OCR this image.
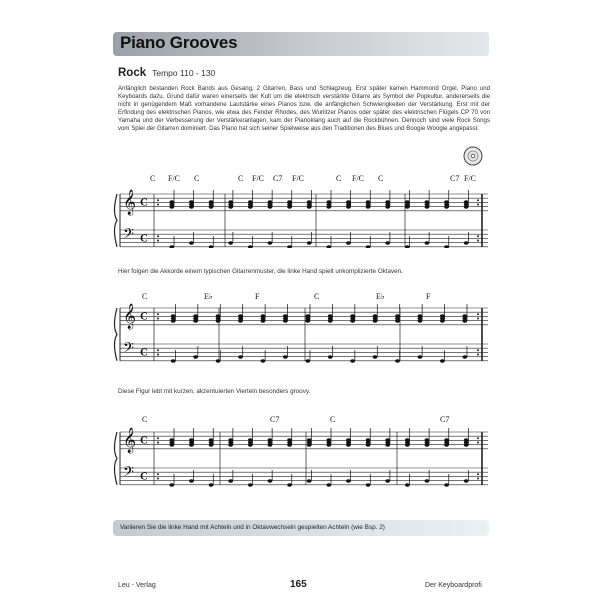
Piano Grooves
Rock Tempo 110 - 130
Anfänglich bestanden Rock Bands aus Gesang, 2 Gitarren, Bass und Schlagzeug. Erst später kamen Hammond Orgel, Piano und Keyboards dazu. Grund dafür waren einerseits der Kult um die elektrisch verstärkte Gitarre als Symbol der Popkultur, andererseits die nicht in genügendem Maß vorhandene Lautstärke eines Pianos bzw. die anfänglichen Schwierigkeiten der Verstärkung. Erst mit der Erfindung des elektrischen Pianos, wie etwa des Fender Rhodes, des Wurlitzer Pianos oder später des elektrischen Flügels CP 70 von Yamaha und der Verbesserung der Verstärkeranlagen, kam der Pianoklang auch auf die Rockbühnen. Dennoch sind viele Rock Songs vom Spiel der Gitarren dominiert. Das Piano hat sich seiner Spielweise aus den Traditionen des Blues und Boogie Woogie angepasst.
𝄞
𝄢
C
C
C F/C C	C F/C C7 F/C	C F/C C	C7 F/C
Hier folgen die Akkorde einem typischen Gitarrenmuster, die linke Hand spielt unkomplizierte Oktaven.
𝄞
𝄢
C
C
C	E♭	F	C	E♭	F
Diese Figur lebt mit kurzen, akzentuierten Vierteln besonders groovy.
𝄞
𝄢
C
C
C	C7	C	C7
Variieren Sie die linke Hand mit Achteln und in Oktavwechseln gespielten Achteln (wie Bsp. 2)
Leu - Verlag	165	Der Keyboardprofi
